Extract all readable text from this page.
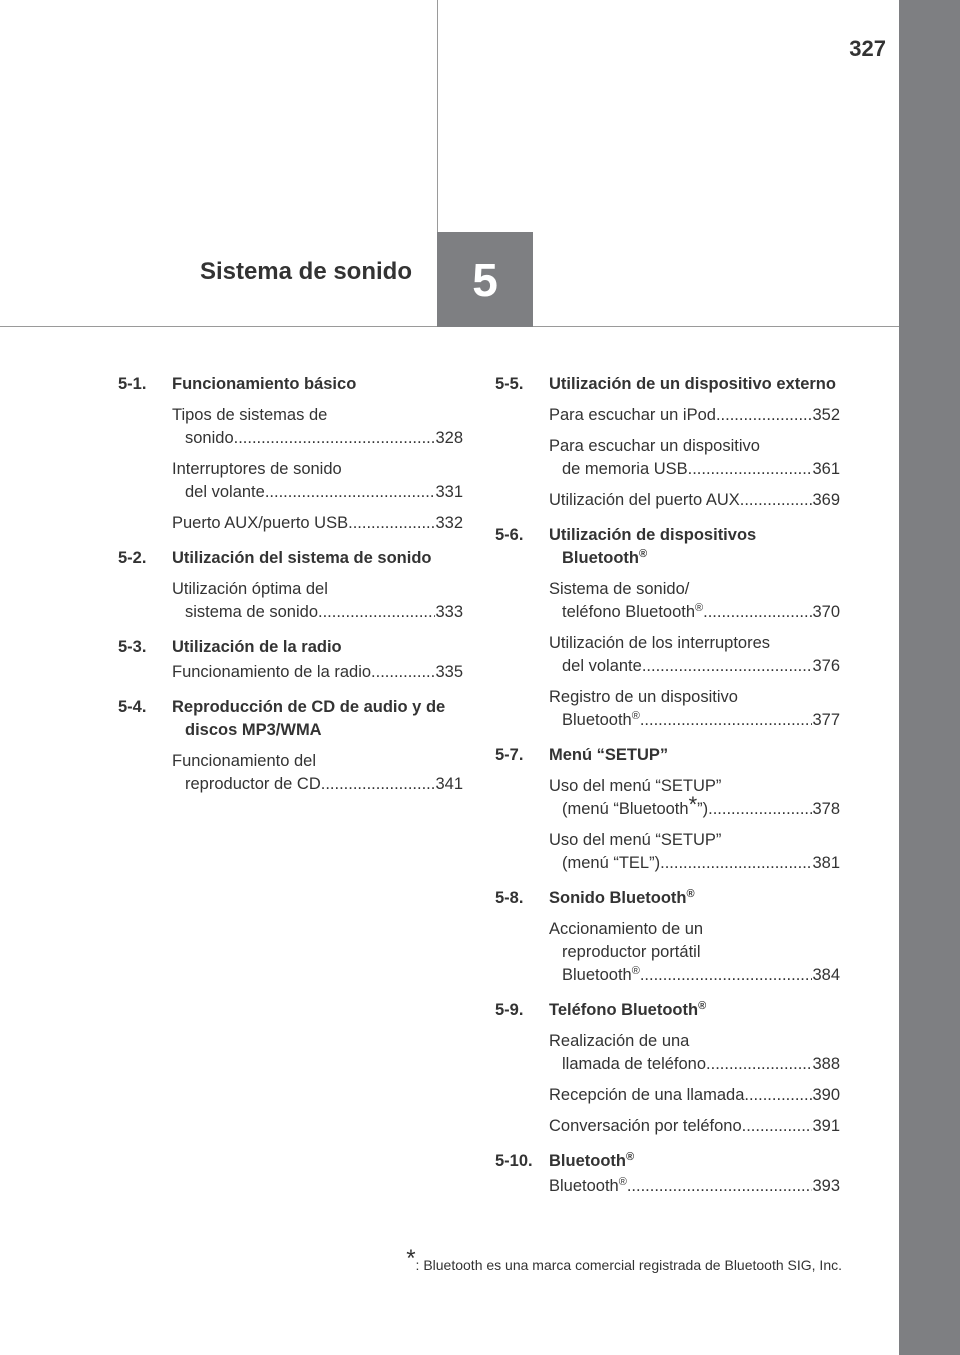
327
Sistema de sonido 5
5-1.	Funcionamiento básico
Tipos de sistemas de
sonido .....	328
Interruptores de sonido
del volante .....	331
Puerto AUX/puerto USB .....	332
5-2.	Utilización del sistema de sonido
Utilización óptima del
sistema de sonido .....	333
5-3.	Utilización de la radio
Funcionamiento de la radio .....	335
5-4.	Reproducción de CD de audio y de discos MP3/WMA
Funcionamiento del
reproductor de CD .....	341
5-5.	Utilización de un dispositivo externo
Para escuchar un iPod .....	352
Para escuchar un dispositivo
de memoria USB .....	361
Utilización del puerto AUX .....	369
5-6.	Utilización de dispositivos Bluetooth®
Sistema de sonido/
teléfono Bluetooth® .....	370
Utilización de los interruptores
del volante .....	376
Registro de un dispositivo
Bluetooth® .....	377
5-7.	Menú “SETUP”
Uso del menú “SETUP”
(menú “Bluetooth*”) .....	378
Uso del menú “SETUP”
(menú “TEL”) .....	381
5-8.	Sonido Bluetooth®
Accionamiento de un
reproductor portátil
Bluetooth® .....	384
5-9.	Teléfono Bluetooth®
Realización de una
llamada de teléfono .....	388
Recepción de una llamada .....	390
Conversación por teléfono .....	391
5-10. Bluetooth®
Bluetooth® .....	393
*: Bluetooth es una marca comercial registrada de Bluetooth SIG, Inc.
